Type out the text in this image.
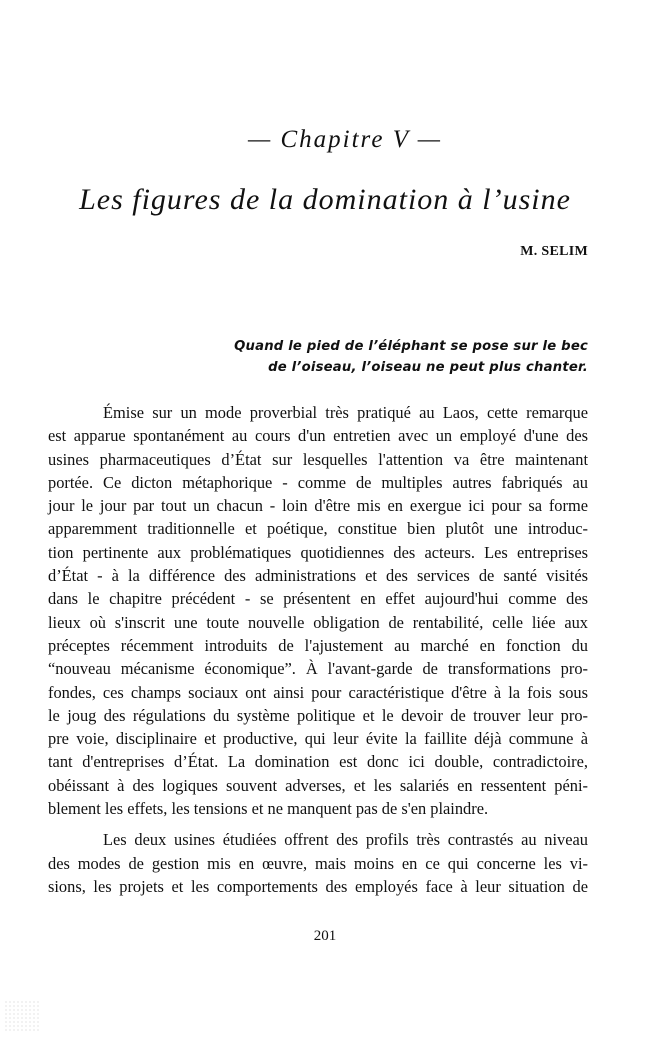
— Chapitre V —
Les figures de la domination à l’usine
M. SELIM
Quand le pied de l’éléphant se pose sur le bec
de l’oiseau, l’oiseau ne peut plus chanter.

Émise sur un mode proverbial très pratiqué au Laos, cette remarque
est apparue spontanément au cours d'un entretien avec un employé d'une des
usines pharmaceutiques d’État sur lesquelles l'attention va être maintenant
portée. Ce dicton métaphorique - comme de multiples autres fabriqués au
jour le jour par tout un chacun - loin d'être mis en exergue ici pour sa forme
apparemment traditionnelle et poétique, constitue bien plutôt une introduc-
tion pertinente aux problématiques quotidiennes des acteurs. Les entreprises
d’État - à la différence des administrations et des services de santé visités
dans le chapitre précédent - se présentent en effet aujourd'hui comme des
lieux où s'inscrit une toute nouvelle obligation de rentabilité, celle liée aux
préceptes récemment introduits de l'ajustement au marché en fonction du
“nouveau mécanisme économique”. À l'avant-garde de transformations pro-
fondes, ces champs sociaux ont ainsi pour caractéristique d'être à la fois sous
le joug des régulations du système politique et le devoir de trouver leur pro-
pre voie, disciplinaire et productive, qui leur évite la faillite déjà commune à
tant d'entreprises d’État. La domination est donc ici double, contradictoire,
obéissant à des logiques souvent adverses, et les salariés en ressentent péni-
blement les effets, les tensions et ne manquent pas de s'en plaindre.

Les deux usines étudiées offrent des profils très contrastés au niveau
des modes de gestion mis en œuvre, mais moins en ce qui concerne les vi-
sions, les projets et les comportements des employés face à leur situation de

201
